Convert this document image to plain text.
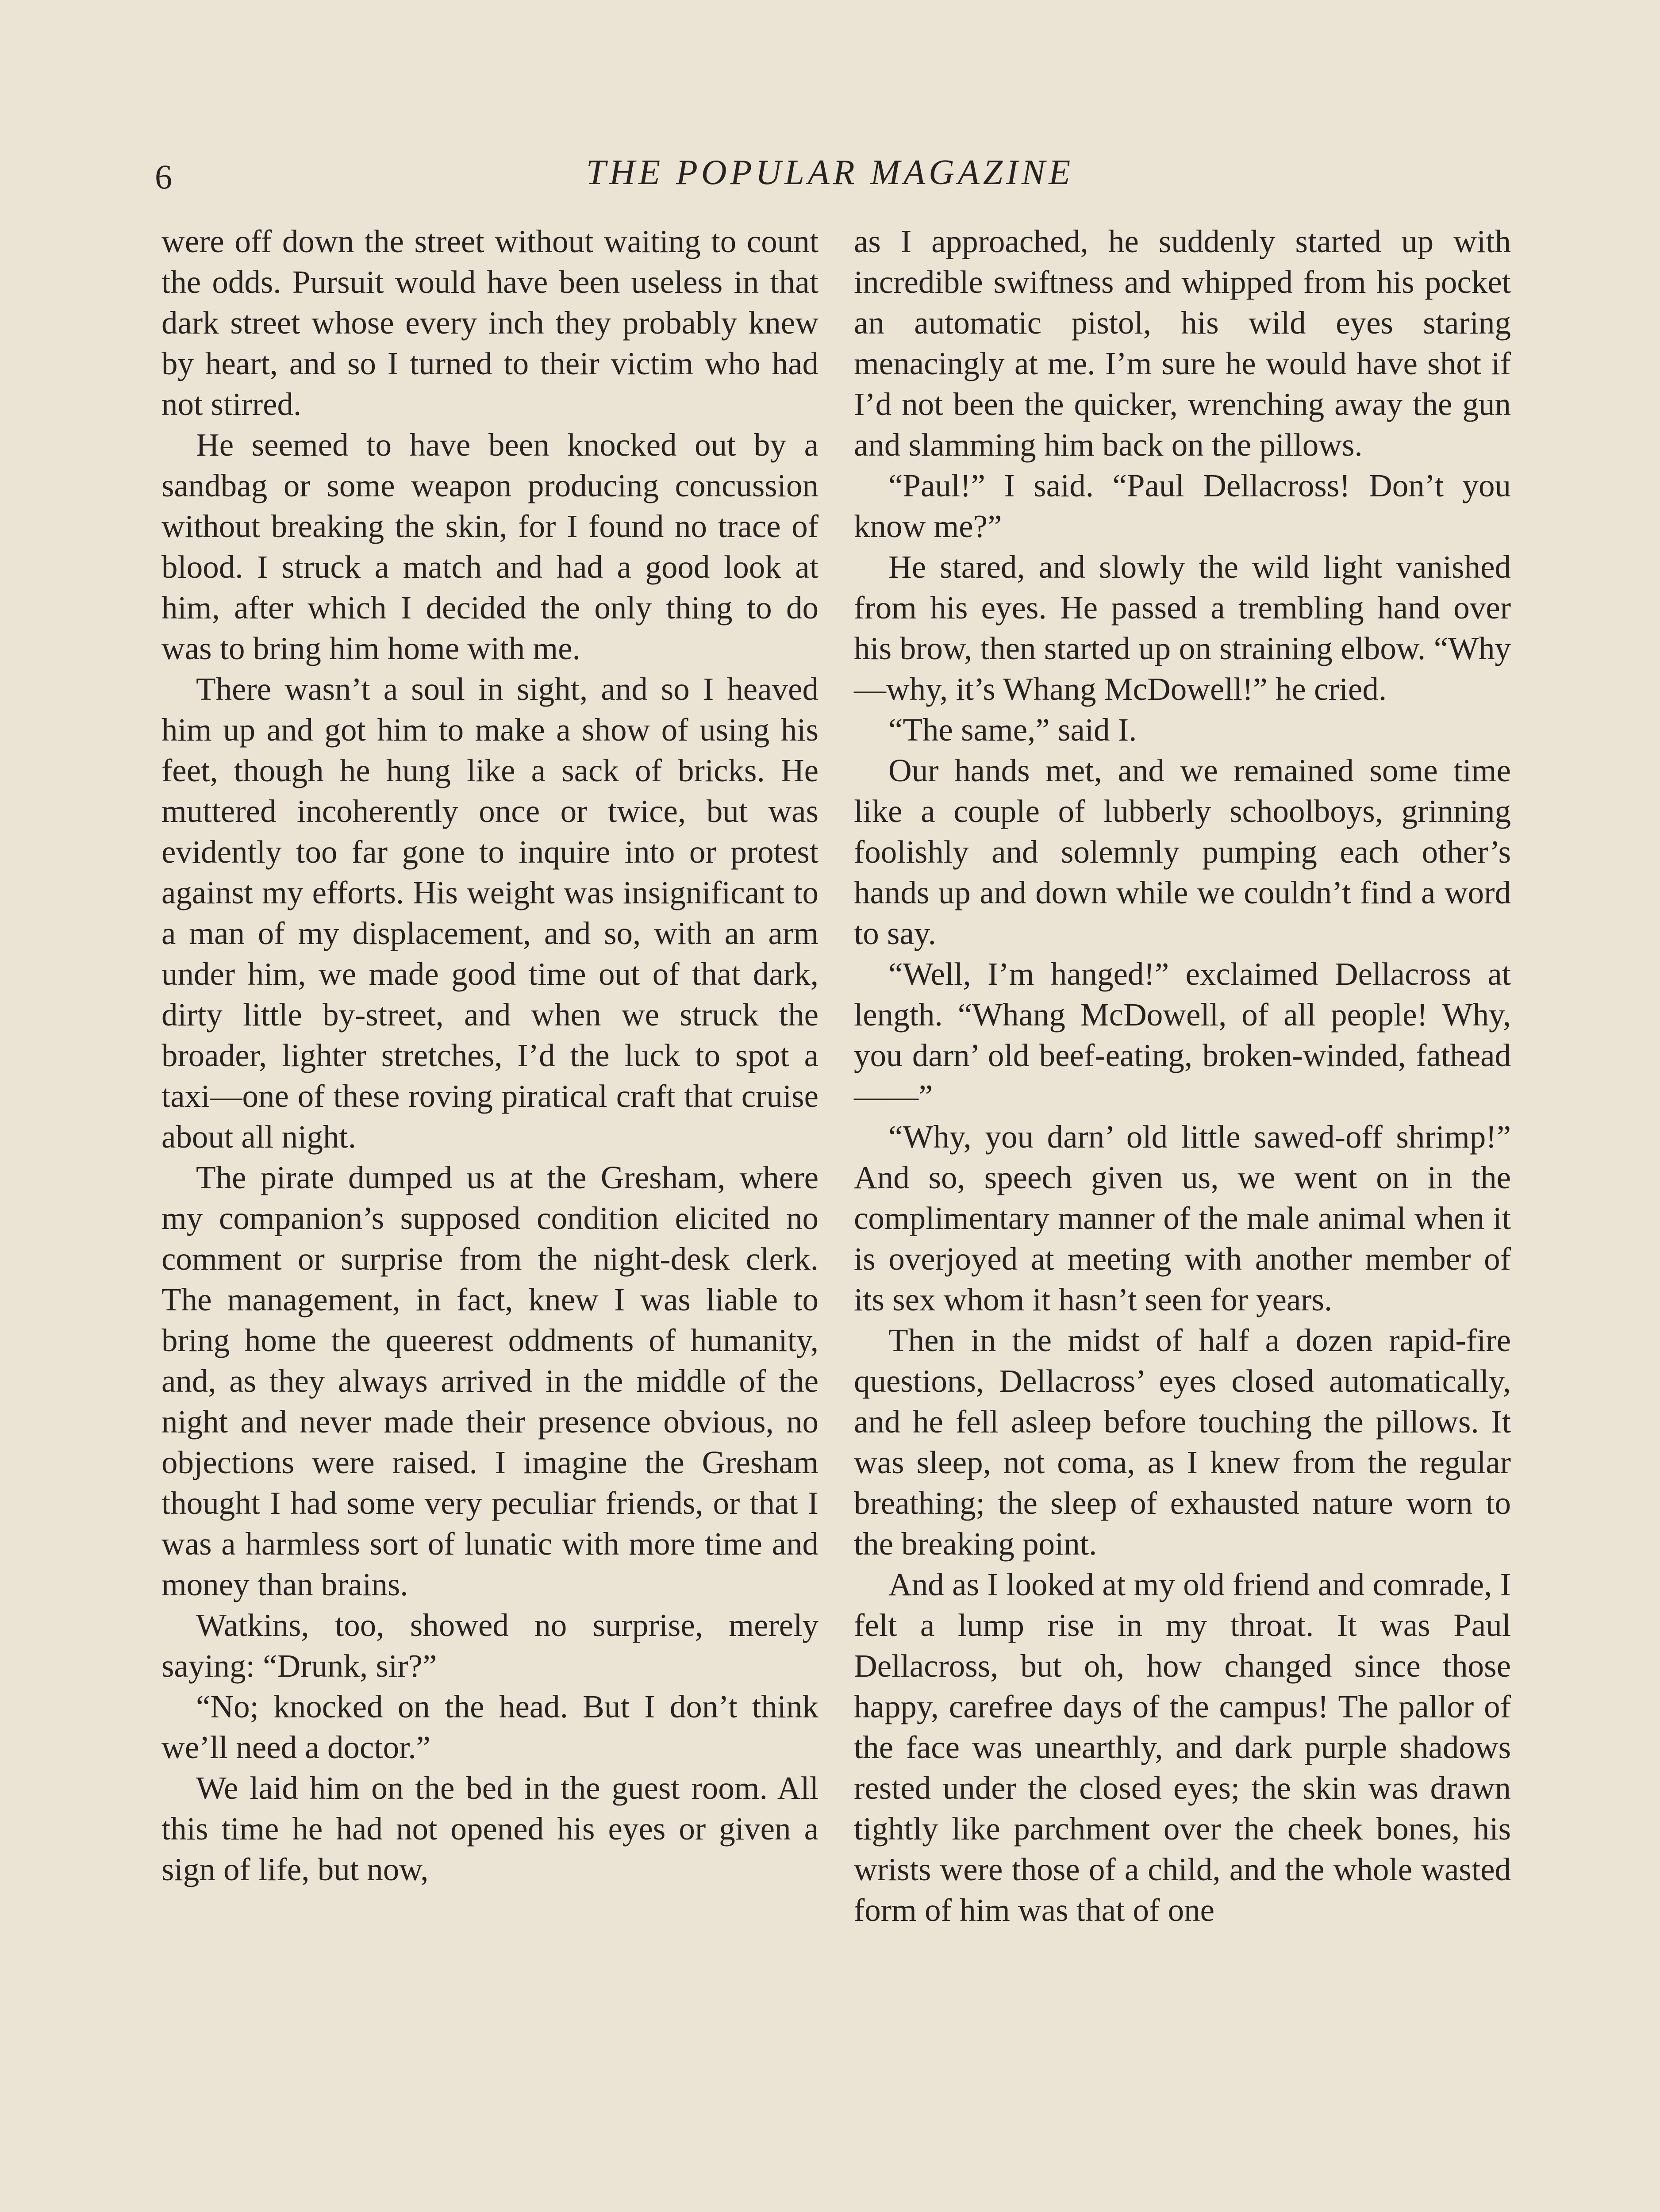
6	THE POPULAR MAGAZINE

were off down the street without waiting to count the odds. Pursuit would have been useless in that dark street whose every inch they probably knew by heart, and so I turned to their victim who had not stirred.

He seemed to have been knocked out by a sandbag or some weapon producing concussion without breaking the skin, for I found no trace of blood. I struck a match and had a good look at him, after which I decided the only thing to do was to bring him home with me.

There wasn’t a soul in sight, and so I heaved him up and got him to make a show of using his feet, though he hung like a sack of bricks. He muttered incoherently once or twice, but was evidently too far gone to inquire into or protest against my efforts. His weight was insignificant to a man of my displacement, and so, with an arm under him, we made good time out of that dark, dirty little by-street, and when we struck the broader, lighter stretches, I’d the luck to spot a taxi—one of these roving piratical craft that cruise about all night.

The pirate dumped us at the Gresham, where my companion’s supposed condition elicited no comment or surprise from the night-desk clerk. The management, in fact, knew I was liable to bring home the queerest oddments of humanity, and, as they always arrived in the middle of the night and never made their presence obvious, no objections were raised. I imagine the Gresham thought I had some very peculiar friends, or that I was a harmless sort of lunatic with more time and money than brains.

Watkins, too, showed no surprise, merely saying: “Drunk, sir?”

“No; knocked on the head. But I don’t think we’ll need a doctor.”

We laid him on the bed in the guest room. All this time he had not opened his eyes or given a sign of life, but now,

as I approached, he suddenly started up with incredible swiftness and whipped from his pocket an automatic pistol, his wild eyes staring menacingly at me. I’m sure he would have shot if I’d not been the quicker, wrenching away the gun and slamming him back on the pillows.

“Paul!” I said. “Paul Dellacross! Don’t you know me?”

He stared, and slowly the wild light vanished from his eyes. He passed a trembling hand over his brow, then started up on straining elbow. “Why—why, it’s Whang McDowell!” he cried.

“The same,” said I.

Our hands met, and we remained some time like a couple of lubberly schoolboys, grinning foolishly and solemnly pumping each other’s hands up and down while we couldn’t find a word to say.

“Well, I’m hanged!” exclaimed Dellacross at length. “Whang McDowell, of all people! Why, you darn’ old beef-eating, broken-winded, fathead——”

“Why, you darn’ old little sawed-off shrimp!” And so, speech given us, we went on in the complimentary manner of the male animal when it is overjoyed at meeting with another member of its sex whom it hasn’t seen for years.

Then in the midst of half a dozen rapid-fire questions, Dellacross’ eyes closed automatically, and he fell asleep before touching the pillows. It was sleep, not coma, as I knew from the regular breathing; the sleep of exhausted nature worn to the breaking point.

And as I looked at my old friend and comrade, I felt a lump rise in my throat. It was Paul Dellacross, but oh, how changed since those happy, carefree days of the campus! The pallor of the face was unearthly, and dark purple shadows rested under the closed eyes; the skin was drawn tightly like parchment over the cheek bones, his wrists were those of a child, and the whole wasted form of him was that of one
